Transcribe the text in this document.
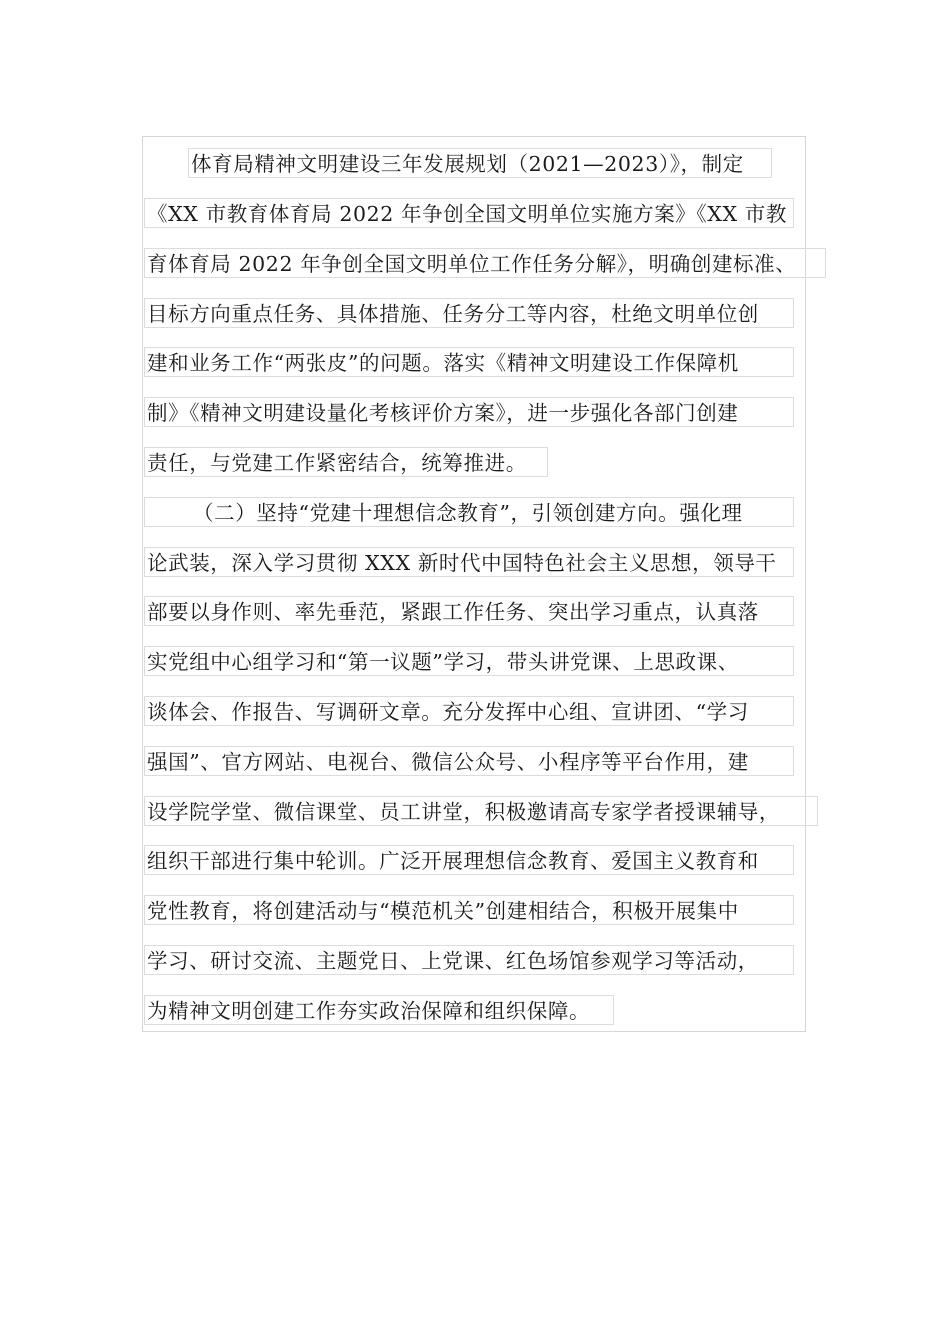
体育局精神文明建设三年发展规划（2021—2023）》，制定
《XX 市教育体育局 2022 年争创全国文明单位实施方案》《XX 市教
育体育局 2022 年争创全国文明单位工作任务分解》，明确创建标准、
目标方向重点任务、具体措施、任务分工等内容，杜绝文明单位创
建和业务工作“两张皮”的问题。落实《精神文明建设工作保障机
制》《精神文明建设量化考核评价方案》，进一步强化各部门创建
责任，与党建工作紧密结合，统筹推进。
（二）坚持“党建十理想信念教育”，引领创建方向。强化理
论武装，深入学习贯彻 XXX 新时代中国特色社会主义思想，领导干
部要以身作则、率先垂范，紧跟工作任务、突出学习重点，认真落
实党组中心组学习和“第一议题”学习，带头讲党课、上思政课、
谈体会、作报告、写调研文章。充分发挥中心组、宣讲团、“学习
强国”、官方网站、电视台、微信公众号、小程序等平台作用，建
设学院学堂、微信课堂、员工讲堂，积极邀请高专家学者授课辅导，
组织干部进行集中轮训。广泛开展理想信念教育、爱国主义教育和
党性教育，将创建活动与“模范机关”创建相结合，积极开展集中
学习、研讨交流、主题党日、上党课、红色场馆参观学习等活动，
为精神文明创建工作夯实政治保障和组织保障。
